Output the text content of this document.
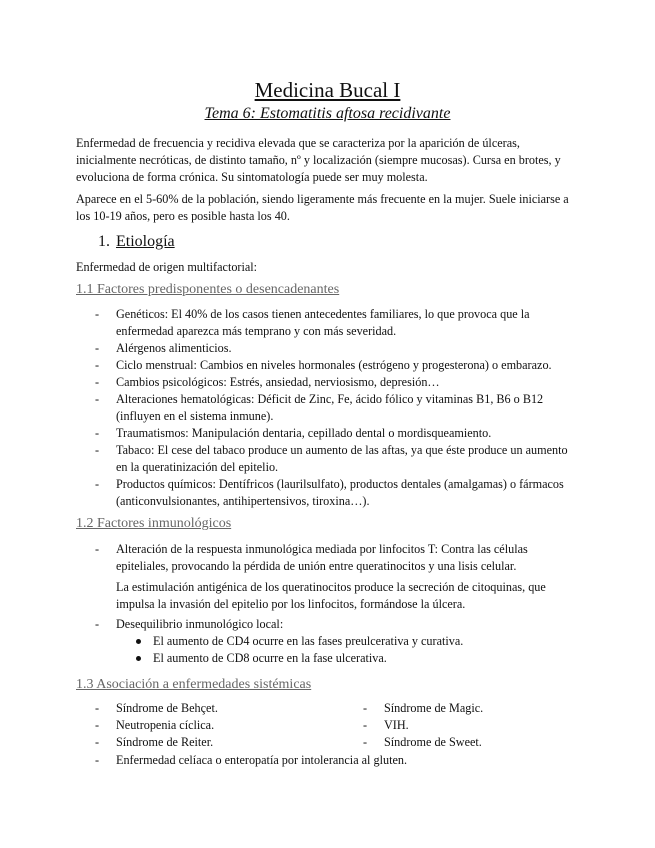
Medicina Bucal I
Tema 6: Estomatitis aftosa recidivante

Enfermedad de frecuencia y recidiva elevada que se caracteriza por la aparición de úlceras, inicialmente necróticas, de distinto tamaño, nº y localización (siempre mucosas). Cursa en brotes, y evoluciona de forma crónica. Su sintomatología puede ser muy molesta.

Aparece en el 5-60% de la población, siendo ligeramente más frecuente en la mujer. Suele iniciarse a los 10-19 años, pero es posible hasta los 40.

1. Etiología

Enfermedad de origen multifactorial:

1.1 Factores predisponentes o desencadenantes
- Genéticos: El 40% de los casos tienen antecedentes familiares, lo que provoca que la enfermedad aparezca más temprano y con más severidad.
- Alérgenos alimenticios.
- Ciclo menstrual: Cambios en niveles hormonales (estrógeno y progesterona) o embarazo.
- Cambios psicológicos: Estrés, ansiedad, nerviosismo, depresión…
- Alteraciones hematológicas: Déficit de Zinc, Fe, ácido fólico y vitaminas B1, B6 o B12 (influyen en el sistema inmune).
- Traumatismos: Manipulación dentaria, cepillado dental o mordisqueamiento.
- Tabaco: El cese del tabaco produce un aumento de las aftas, ya que éste produce un aumento en la queratinización del epitelio.
- Productos químicos: Dentífricos (laurilsulfato), productos dentales (amalgamas) o fármacos (anticonvulsionantes, antihipertensivos, tiroxina…).
1.2 Factores inmunológicos
- Alteración de la respuesta inmunológica mediada por linfocitos T: Contra las células epiteliales, provocando la pérdida de unión entre queratinocitos y una lisis celular.

La estimulación antigénica de los queratinocitos produce la secreción de citoquinas, que impulsa la invasión del epitelio por los linfocitos, formándose la úlcera.

- Desequilibrio inmunológico local:
El aumento de CD4 ocurre en las fases preulcerativa y curativa.
El aumento de CD8 ocurre en la fase ulcerativa.
1.3 Asociación a enfermedades sistémicas
- Síndrome de Behçet.
- Neutropenia cíclica.
- Síndrome de Reiter.
- Síndrome de Magic.
- VIH.
- Síndrome de Sweet.
- Enfermedad celíaca o enteropatía por intolerancia al gluten.
